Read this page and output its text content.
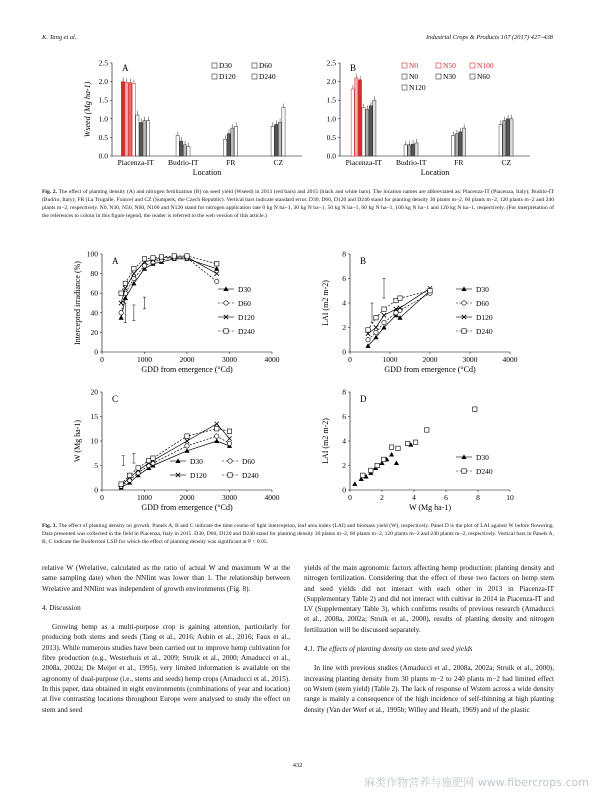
K. Tang et al.	Industrial Crops & Products 107 (2017) 427–438
0.0
0.5
1.0
1.5
2.0
2.5 A
Piacenza-IT Budrio-IT	FR	CZ
Location
Wseed (Mg ha-1)
D30	D60
D120	D240
0.0
0.5
1.0
1.5
2.0
2.5 B
Piacenza-IT Budrio-IT	FR	CZ
Location
N0	N50	N100
N0	N30	N60
N120
Fig. 2. The effect of planting density (A) and nitrogen fertilization (B) on seed yield (Wseed) in 2013 (red bars) and 2015 (black and white bars). The location names are abbreviated as: Piacenza-IT (Piacenza, Italy); Budrio-IT (Budrio, Italy); FR (La Trugalle, France) and CZ (Sumperk, the Czech Republic). Vertical bars indicate standard error. D30, D60, D120 and D240 stand for planting density 30 plants m−2, 60 plants m−2, 120 plants m−2 and 240 plants m−2, respectively. N0, N30, N50, N60, N100 and N120 stand for nitrogen application rate 0 kg N ha−1, 30 kg N ha−1, 50 kg N ha−1, 60 kg N ha−1, 100 kg N ha−1 and 120 kg N ha−1, respectively. (For interpretation of the references to colour in this figure legend, the reader is referred to the web version of this article.)
0	1000	2000	3000	4000
0
20
40
60
80
100
GDD from emergence (°Cd)
Intercepted irradiance (%)
A
D30
D60
D120
D240
0	1000	2000	3000	4000
0
2
4
6
8
GDD from emergence (°Cd)
LAI (m2 m-2)
B
D30
D60
D120
D240
0	1000	2000	3000	4000
0
5
10
15
20
GDD from emergence (°Cd)
W (Mg ha-1)
C
D30	D60
D120	D240
0	2	4	6	8	10
0
2
4
6
8
W (Mg ha-1)
LAI (m2 m-2)
D
D30
D240
Fig. 3. The effect of planting density on growth. Panels A, B and C indicate the time course of light interception, leaf area index (LAI) and biomass yield (W), respectively. Panel D is the plot of LAI against W before flowering. Data presented was collected in the field in Piacenza, Italy in 2015. D30, D60, D120 and D240 stand for planting density 30 plants m−2, 60 plants m−2, 120 plants m−2 and 240 plants m−2, respectively. Vertical bars in Panels A, B, C indicate the Bonferroni LSD for which the effect of planting density was significant at P < 0.05.

relative W (Wrelative, calculated as the ratio of actual W and maximum W at the same sampling date) when the NNIint was lower than 1. The relationship between Wrelative and NNIint was independent of growth environments (Fig. 8).

4. Discussion

Growing hemp as a multi-purpose crop is gaining attention, particularly for producing both stems and seeds (Tang et al., 2016; Aubin et al., 2016; Faux et al., 2013). While numerous studies have been carried out to improve hemp cultivation for fibre production (e.g., Westerhuis et al., 2009; Struik et al., 2000; Amaducci et al., 2008a, 2002a; De Meijer et al., 1995), very limited information is available on the agronomy of dual-purpose (i.e., stems and seeds) hemp crops (Amaducci et al., 2015). In this paper, data obtained in eight environments (combinations of year and location) at five contrasting locations throughout Europe were analysed to study the effect on stem and seed

yields of the main agronomic factors affecting hemp production: planting density and nitrogen fertilization. Considering that the effect of these two factors on hemp stem and seed yields did not interact with each other in 2013 in Piacenza-IT (Supplementary Table 2) and did not interact with cultivar in 2014 in Piacenza-IT and LV (Supplementary Table 3), which confirms results of previous research (Amaducci et al., 2008a, 2002a; Struik et al., 2000), results of planting density and nitrogen fertilization will be discussed separately.

4.1. The effects of planting density on stem and seed yields

In line with previous studies (Amaducci et al., 2008a, 2002a; Struik et al., 2000), increasing planting density from 30 plants m−2 to 240 plants m−2 had limited effect on Wstem (stem yield) (Table 2). The lack of response of Wstem across a wide density range is mainly a consequence of the high incidence of self-thinning at high planting density (Van der Werf et al., 1995b; Willey and Heath, 1969) and of the plastic

432
麻类作物营养与施肥网 www.fibercrops.com
